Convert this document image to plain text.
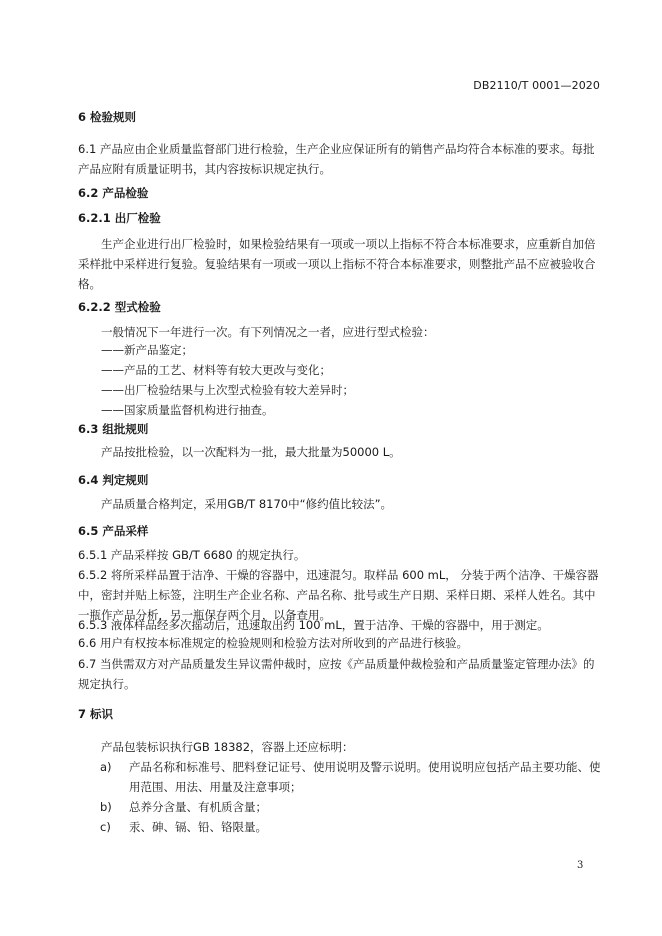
DB2110/T 0001—2020
6 检验规则
6.1 产品应由企业质量监督部门进行检验，生产企业应保证所有的销售产品均符合本标准的要求。每批产品应附有质量证明书，其内容按标识规定执行。
6.2 产品检验
6.2.1 出厂检验
生产企业进行出厂检验时，如果检验结果有一项或一项以上指标不符合本标准要求，应重新自加倍采样批中采样进行复验。复验结果有一项或一项以上指标不符合本标准要求，则整批产品不应被验收合格。
6.2.2 型式检验
一般情况下一年进行一次。有下列情况之一者，应进行型式检验：
——新产品鉴定；
——产品的工艺、材料等有较大更改与变化；
——出厂检验结果与上次型式检验有较大差异时；
——国家质量监督机构进行抽查。
6.3 组批规则
产品按批检验，以一次配料为一批，最大批量为50000 L。
6.4 判定规则
产品质量合格判定，采用GB/T 8170中“修约值比较法”。
6.5 产品采样
6.5.1 产品采样按 GB/T 6680 的规定执行。
6.5.2 将所采样品置于洁净、干燥的容器中，迅速混匀。取样品 600 mL， 分装于两个洁净、干燥容器中，密封并贴上标签，注明生产企业名称、产品名称、批号或生产日期、采样日期、采样人姓名。其中一瓶作产品分析，另一瓶保存两个月，以备查用。
6.5.3 液体样品经多次摇动后，迅速取出约 100 mL，置于洁净、干燥的容器中，用于测定。
6.6 用户有权按本标准规定的检验规则和检验方法对所收到的产品进行核验。
6.7 当供需双方对产品质量发生异议需仲裁时，应按《产品质量仲裁检验和产品质量鉴定管理办法》的规定执行。
7 标识
产品包装标识执行GB 18382，容器上还应标明：
a)	产品名称和标准号、肥料登记证号、使用说明及警示说明。使用说明应包括产品主要功能、使用范围、用法、用量及注意事项；
b)	总养分含量、有机质含量；
c)	汞、砷、镉、铅、铬限量。
3
